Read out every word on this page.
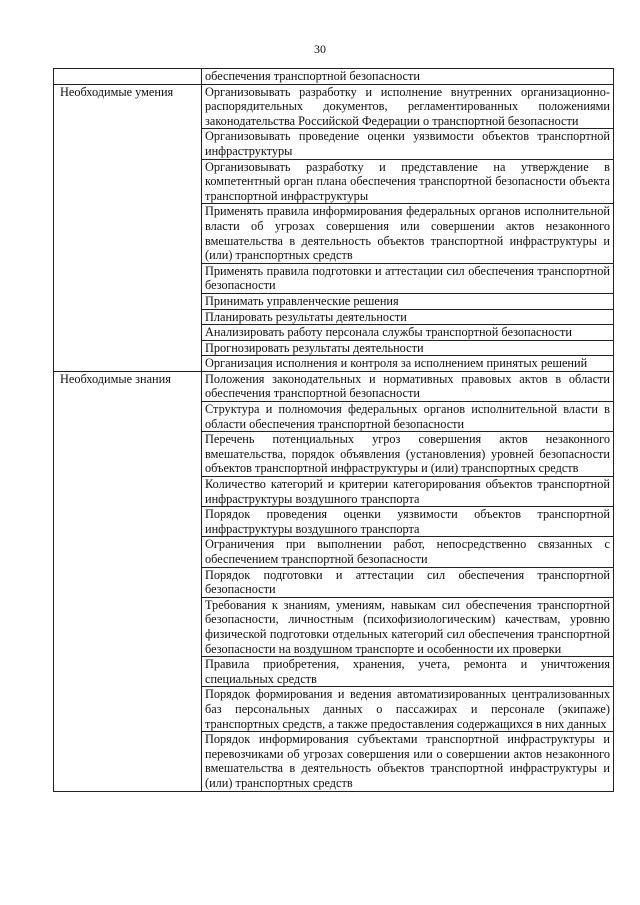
30
	обеспечения транспортной безопасности
Необходимые умения	Организовывать разработку и исполнение внутренних организационно-распорядительных документов, регламентированных положениями законодательства Российской Федерации о транспортной безопасности
	Организовывать проведение оценки уязвимости объектов транспортной инфраструктуры
	Организовывать разработку и представление на утверждение в компетентный орган плана обеспечения транспортной безопасности объекта транспортной инфраструктуры
	Применять правила информирования федеральных органов исполнительной власти об угрозах совершения или совершении актов незаконного вмешательства в деятельность объектов транспортной инфраструктуры и (или) транспортных средств
	Применять правила подготовки и аттестации сил обеспечения транспортной безопасности
	Принимать управленческие решения
	Планировать результаты деятельности
	Анализировать работу персонала службы транспортной безопасности
	Прогнозировать результаты деятельности
	Организация исполнения и контроля за исполнением принятых решений
Необходимые знания	Положения законодательных и нормативных правовых актов в области обеспечения транспортной безопасности
	Структура и полномочия федеральных органов исполнительной власти в области обеспечения транспортной безопасности
	Перечень потенциальных угроз совершения актов незаконного вмешательства, порядок объявления (установления) уровней безопасности объектов транспортной инфраструктуры и (или) транспортных средств
	Количество категорий и критерии категорирования объектов транспортной инфраструктуры воздушного транспорта
	Порядок проведения оценки уязвимости объектов транспортной инфраструктуры воздушного транспорта
	Ограничения при выполнении работ, непосредственно связанных с обеспечением транспортной безопасности
	Порядок подготовки и аттестации сил обеспечения транспортной безопасности
	Требования к знаниям, умениям, навыкам сил обеспечения транспортной безопасности, личностным (психофизиологическим) качествам, уровню физической подготовки отдельных категорий сил обеспечения транспортной безопасности на воздушном транспорте и особенности их проверки
	Правила приобретения, хранения, учета, ремонта и уничтожения специальных средств
	Порядок формирования и ведения автоматизированных централизованных баз персональных данных о пассажирах и персонале (экипаже) транспортных средств, а также предоставления содержащихся в них данных
	Порядок информирования субъектами транспортной инфраструктуры и перевозчиками об угрозах совершения или о совершении актов незаконного вмешательства в деятельность объектов транспортной инфраструктуры и (или) транспортных средств
